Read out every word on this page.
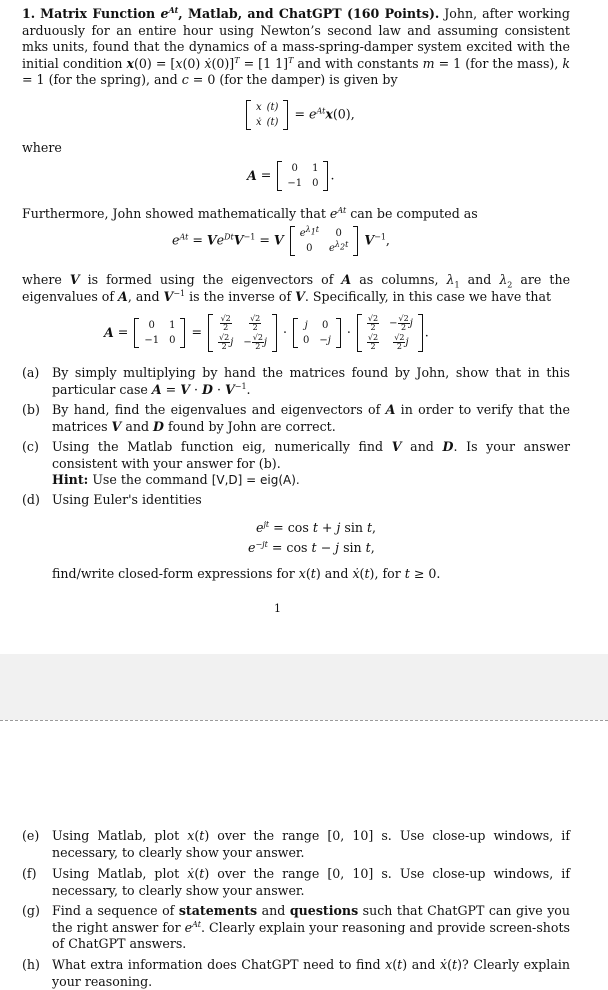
1. Matrix Function $e^{At}$, Matlab, and ChatGPT (160 Points). John, after working arduously for an entire hour using Newton’s second law and assuming consistent mks units, found that the dynamics of a mass-spring-damper system excited with the initial condition x(0) = [x(0) ẋ(0)]$^T$ = [1 1]$^T$ and with constants m = 1 (for the mass), k = 1 (for the spring), and c = 0 (for the damper) is given by
x	(t)
ẋ	(t)
= $e^{At}x(0)$,
where
A = 0	1
−1	0
.
Furthermore, John showed mathematically that $e^{At}$ can be computed as
$e^{At} = Ve^{Dt}V^{-1} = V$ $e^{\lambda_1t}$	0
0	$e^{\lambda_2t}$ $V^{-1}$,
where V is formed using the eigenvectors of A as columns, $\lambda_1$ and $\lambda_2$ are the eigenvalues of A, and $V^{-1}$ is the inverse of V. Specifically, in this case we have that
A = 0	1
−1	0
= $\frac{√2}{2}$	$\frac{√2}{2}$

$\frac{√2}{2}$ j	− $\frac{√2}{2}$ j
· j	0
0	−j
· $\frac{√2}{2}$	− $\frac{√2}{2}$ j

$\frac{√2}{2}$	$\frac{√2}{2}$ j
.
(a)	By simply multiplying by hand the matrices found by John, show that in this particular case $A = V \cdot D \cdot V^{-1}$.
(b) By hand, find the eigenvalues and eigenvectors of A in order to verify that the matrices V and D found by John are correct.
(c)	Using the Matlab function eig, numerically find V and D. Is your answer consistent with your answer for (b).
Hint: Use the command [V,D] = eig(A).
(d) Using Euler's identities
$e^{jt} = \cos t + j$ sin t,
$e^{-jt} = \cos t - j$ sin t,
find/write closed-form expressions for x(t) and ẋ(t), for t ≥ 0.
1
(e)	Using Matlab, plot x(t) over the range [0, 10] s. Use close-up windows, if necessary, to clearly show your answer.
(f)	Using Matlab, plot ẋ(t) over the range [0, 10] s. Use close-up windows, if necessary, to clearly show your answer.
(g) Find a sequence of statements and questions such that ChatGPT can give you the right answer for $e^{At}$. Clearly explain your reasoning and provide screen-shots of ChatGPT answers.
(h) What extra information does ChatGPT need to find x(t) and ẋ(t)? Clearly explain your reasoning.
